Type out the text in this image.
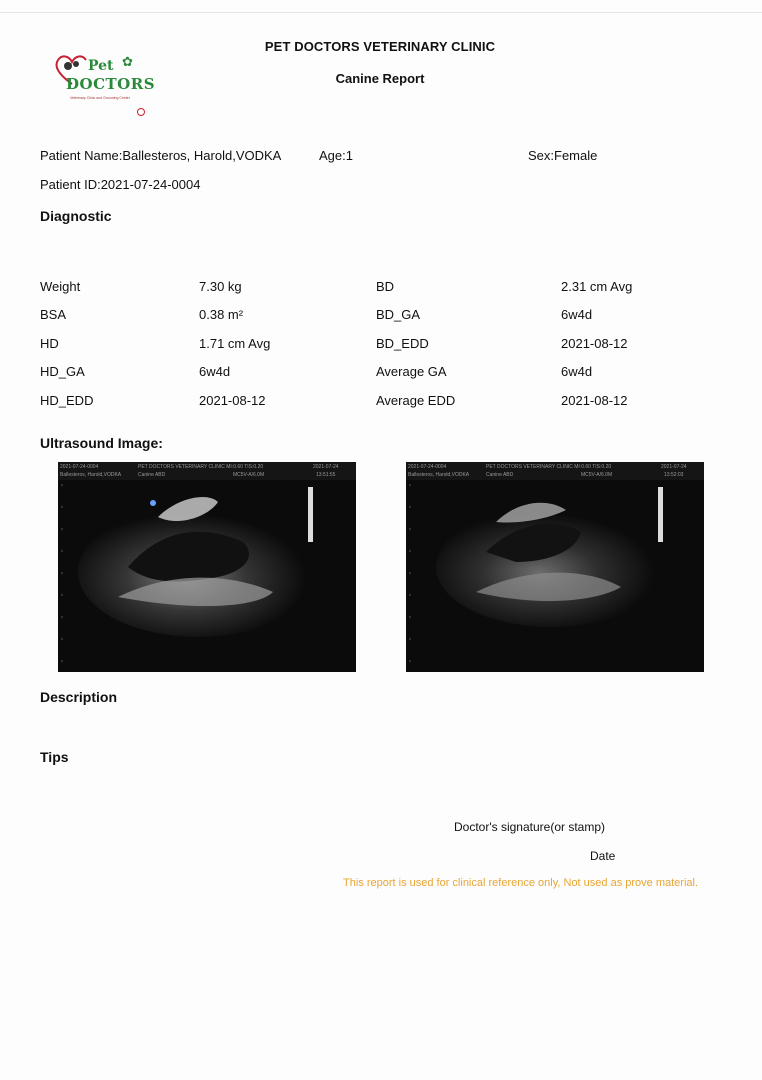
Pet ✿
DOCTORS
Veterinary Clinic and Grooming Center
PET DOCTORS VETERINARY CLINIC
Canine Report
Patient Name:Ballesteros, Harold,VODKA	Age:1	Sex:Female
Patient ID:2021-07-24-0004
Diagnostic
Weight	7.30 kg	BD	2.31 cm Avg
BSA	0.38 m²	BD_GA	6w4d
HD	1.71 cm Avg	BD_EDD	2021-08-12
HD_GA	6w4d	Average GA	6w4d
HD_EDD	2021-08-12	Average EDD	2021-08-12
Ultrasound Image:
2021-07-24-0004	PET DOCTORS VETERINARY CLINIC MI:0.60 TIS:0.20	2021-07-24
Ballesteros, Harold,VODKA	Canine ABD	MC5V-A/6.0M	13:51:55
2021-07-24-0004	PET DOCTORS VETERINARY CLINIC MI:0.60 TIS:0.20	2021-07-24
Ballesteros, Harold,VODKA	Canine ABD	MC5V-A/6.0M	13:52:03
Description
Tips
Doctor's signature(or stamp)
Date
This report is used for clinical reference only, Not used as prove material.
